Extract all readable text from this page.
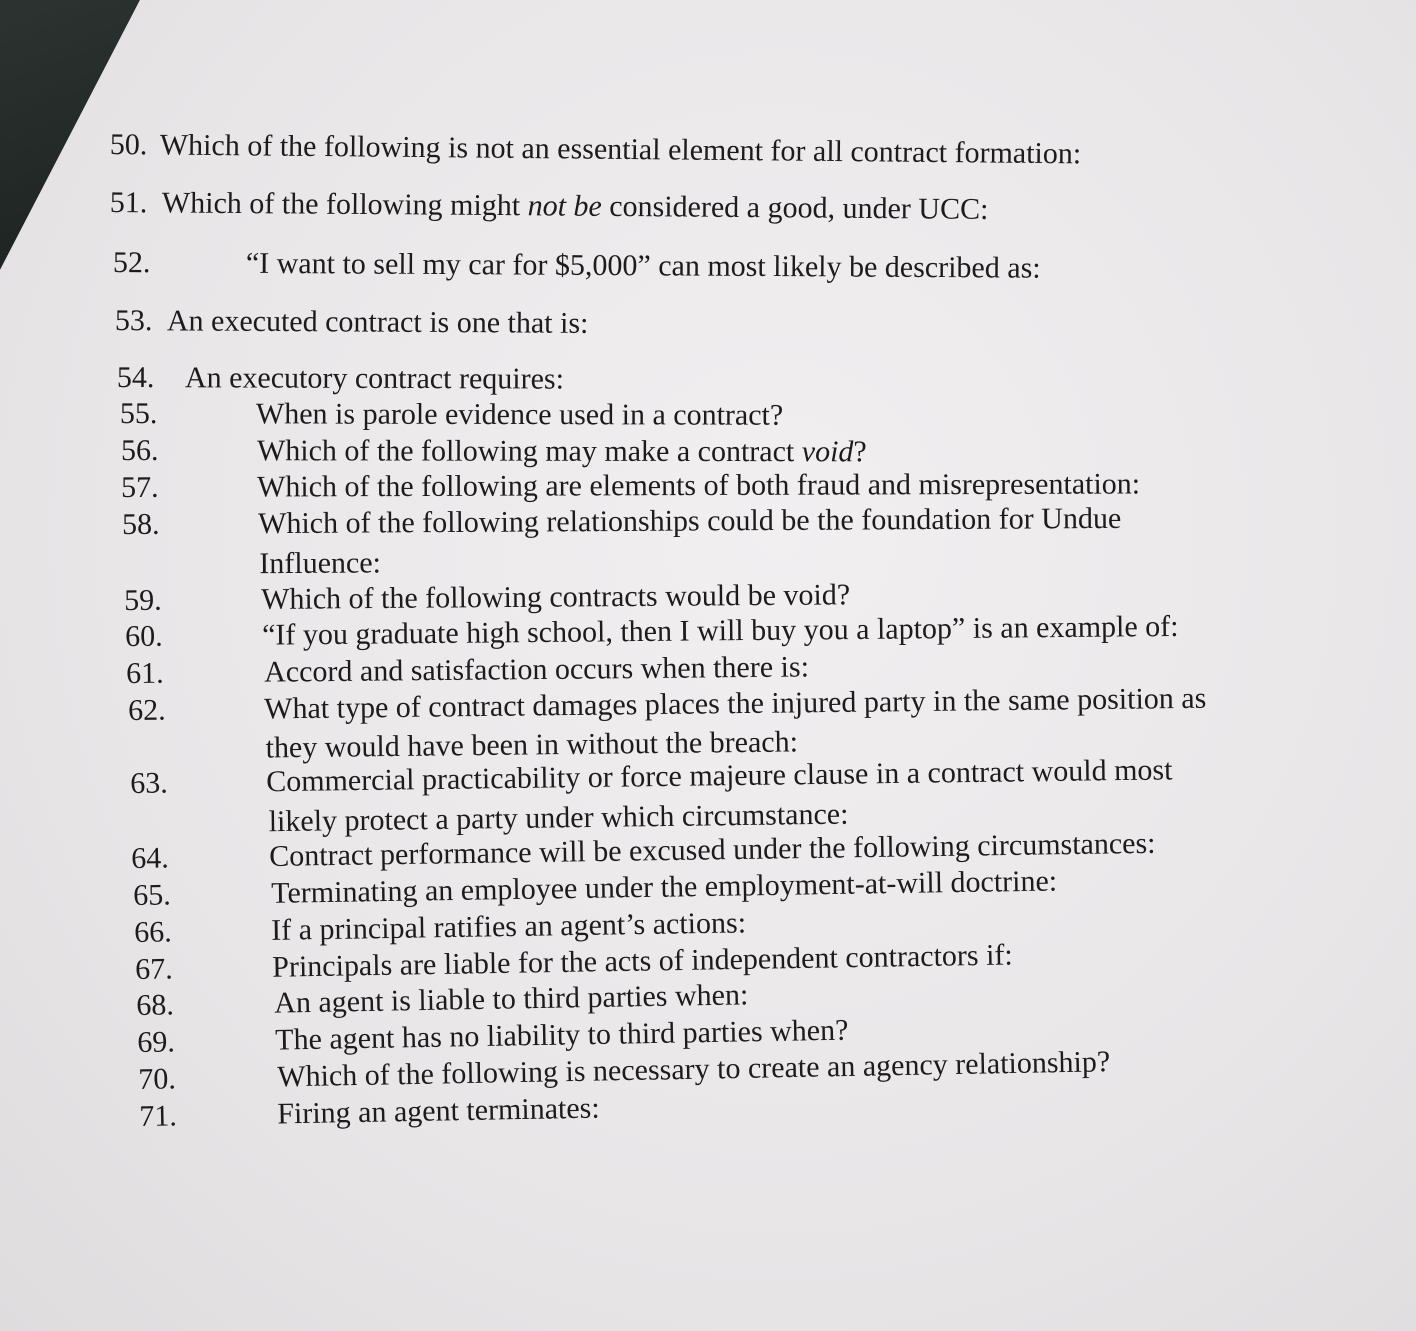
50. Which of the following is not an essential element for all contract formation:
51. Which of the following might not be considered a good, under UCC:
52.	“I want to sell my car for $5,000” can most likely be described as:
53. An executed contract is one that is:
54. An executory contract requires:
55.	When is parole evidence used in a contract?
56.	Which of the following may make a contract void?
57.	Which of the following are elements of both fraud and misrepresentation:
58.	Which of the following relationships could be the foundation for Undue
Influence:
59.	Which of the following contracts would be void?
60.	“If you graduate high school, then I will buy you a laptop” is an example of:
61.	Accord and satisfaction occurs when there is:
62.	What type of contract damages places the injured party in the same position as
they would have been in without the breach:
63.	Commercial practicability or force majeure clause in a contract would most
likely protect a party under which circumstance:
64.	Contract performance will be excused under the following circumstances:
65.	Terminating an employee under the employment-at-will doctrine:
66.	If a principal ratifies an agent’s actions:
67.	Principals are liable for the acts of independent contractors if:
68.	An agent is liable to third parties when:
69.	The agent has no liability to third parties when?
70.	Which of the following is necessary to create an agency relationship?
71.	Firing an agent terminates:
